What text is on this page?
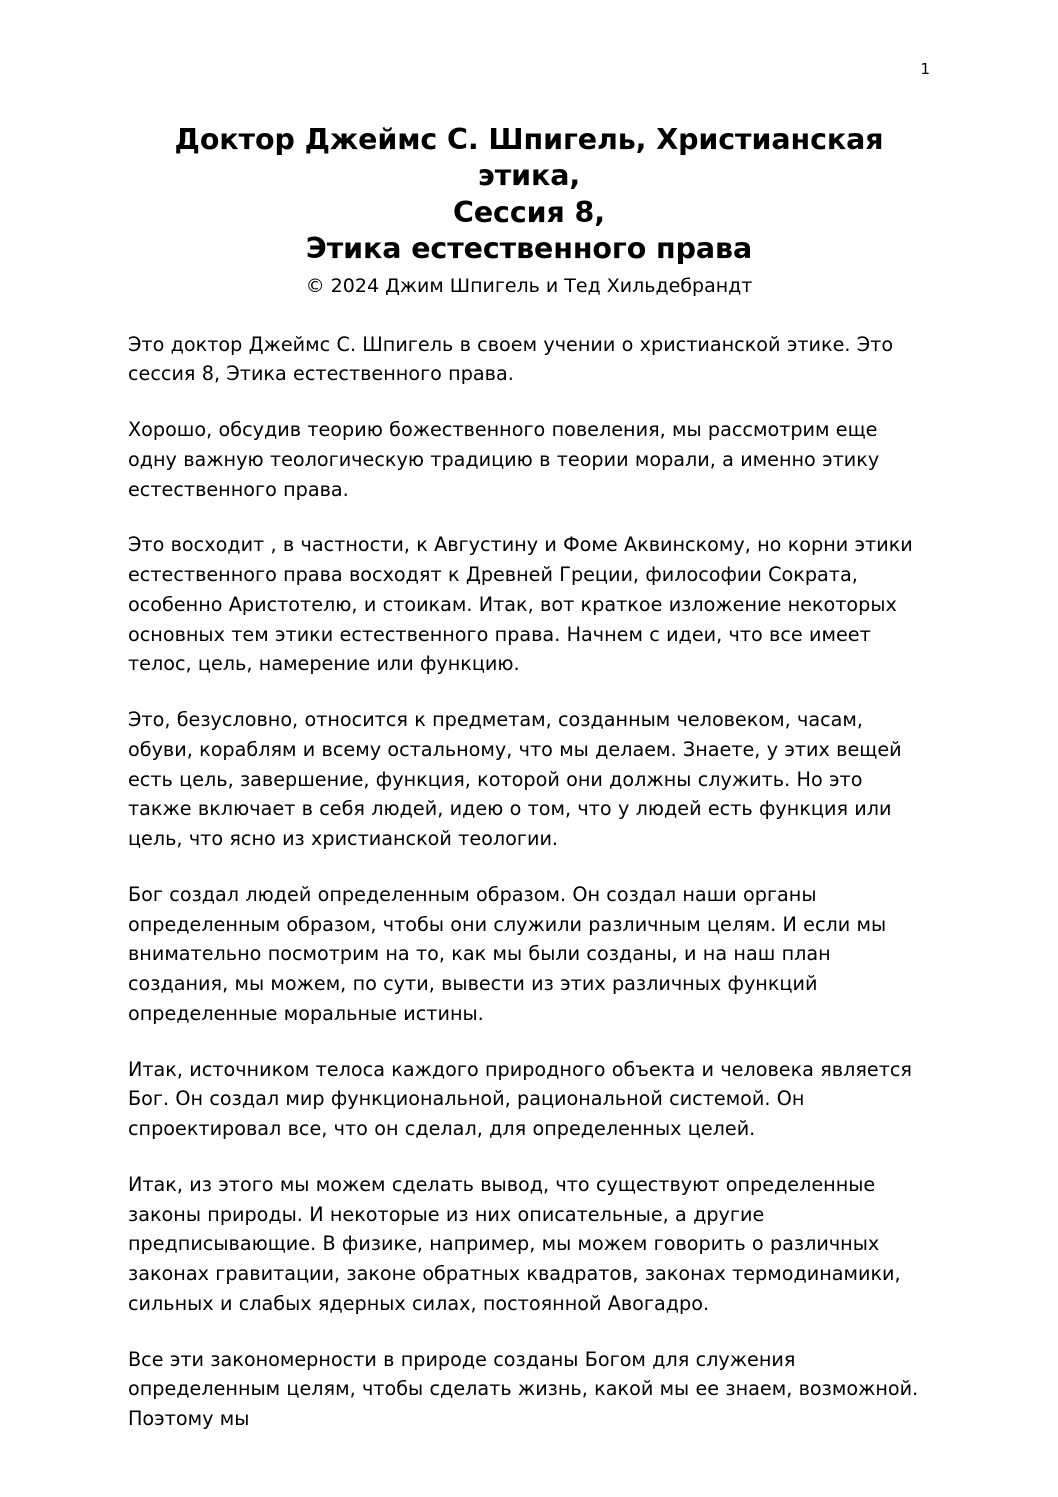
1
Доктор Джеймс С. Шпигель, Христианская этика,
Сессия 8,
Этика естественного права
© 2024 Джим Шпигель и Тед Хильдебрандт

Это доктор Джеймс С. Шпигель в своем учении о христианской этике. Это сессия 8, Этика естественного права.

Хорошо, обсудив теорию божественного повеления, мы рассмотрим еще одну важную теологическую традицию в теории морали, а именно этику естественного права.

Это восходит , в частности, к Августину и Фоме Аквинскому, но корни этики естественного права восходят к Древней Греции, философии Сократа, особенно Аристотелю, и стоикам. Итак, вот краткое изложение некоторых основных тем этики естественного права. Начнем с идеи, что все имеет телос, цель, намерение или функцию.

Это, безусловно, относится к предметам, созданным человеком, часам, обуви, кораблям и всему остальному, что мы делаем. Знаете, у этих вещей есть цель, завершение, функция, которой они должны служить. Но это также включает в себя людей, идею о том, что у людей есть функция или цель, что ясно из христианской теологии.

Бог создал людей определенным образом. Он создал наши органы определенным образом, чтобы они служили различным целям. И если мы внимательно посмотрим на то, как мы были созданы, и на наш план создания, мы можем, по сути, вывести из этих различных функций определенные моральные истины.

Итак, источником телоса каждого природного объекта и человека является Бог. Он создал мир функциональной, рациональной системой. Он спроектировал все, что он сделал, для определенных целей.

Итак, из этого мы можем сделать вывод, что существуют определенные законы природы. И некоторые из них описательные, а другие предписывающие. В физике, например, мы можем говорить о различных законах гравитации, законе обратных квадратов, законах термодинамики, сильных и слабых ядерных силах, постоянной Авогадро.

Все эти закономерности в природе созданы Богом для служения определенным целям, чтобы сделать жизнь, какой мы ее знаем, возможной. Поэтому мы
